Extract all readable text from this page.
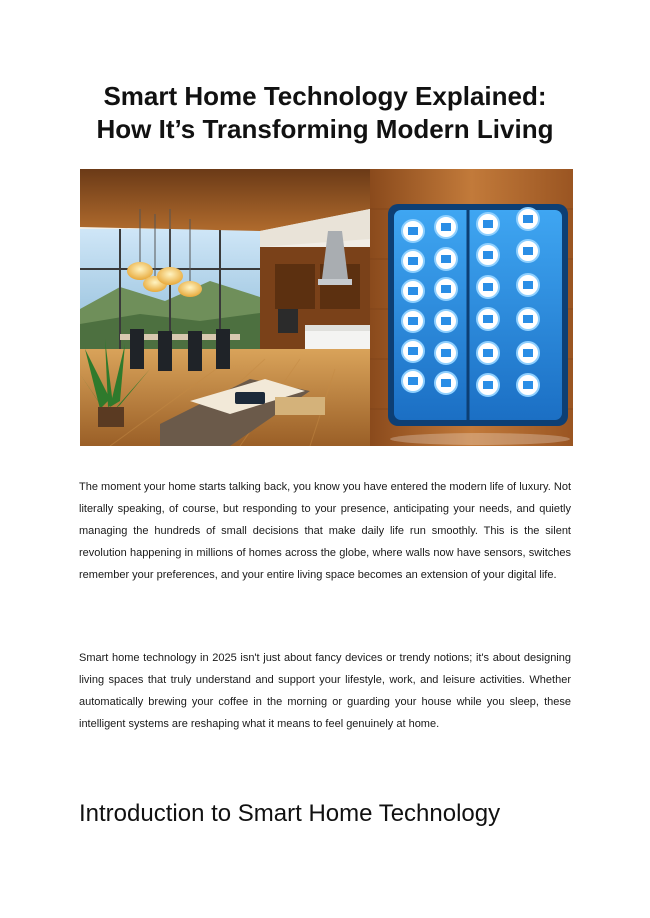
Smart Home Technology Explained:
How It’s Transforming Modern Living

The moment your home starts talking back, you know you have entered the modern life of luxury. Not literally speaking, of course, but responding to your presence, anticipating your needs, and quietly managing the hundreds of small decisions that make daily life run smoothly. This is the silent revolution happening in millions of homes across the globe, where walls now have sensors, switches remember your preferences, and your entire living space becomes an extension of your digital life.

Smart home technology in 2025 isn't just about fancy devices or trendy notions; it's about designing living spaces that truly understand and support your lifestyle, work, and leisure activities. Whether automatically brewing your coffee in the morning or guarding your house while you sleep, these intelligent systems are reshaping what it means to feel genuinely at home.

Introduction to Smart Home Technology
